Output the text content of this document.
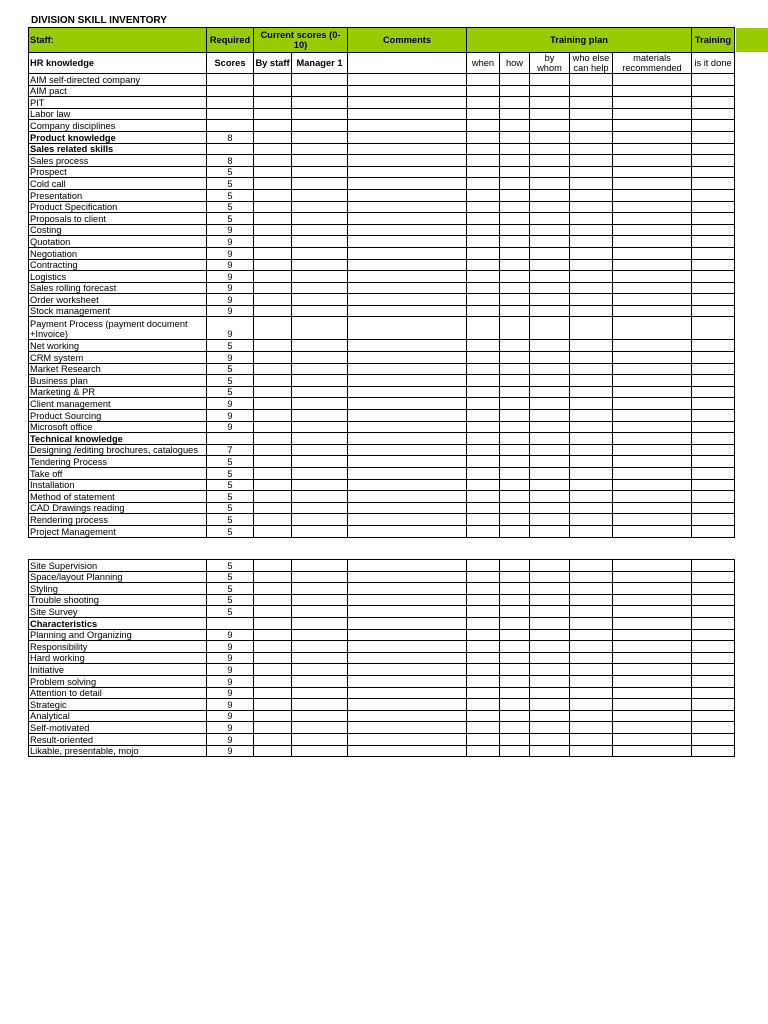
DIVISION SKILL INVENTORY
Staff:	Required	Current scores (0-10)		Comments	Training plan					Training
HR knowledge	Scores	By staff	Manager 1		when	how	by whom	who else can help	materials recommended	is it done
AIM self-directed company										
AIM pact										
PIT										
Labor law										
Company disciplines										
Product knowledge	8									
Sales related skills										
Sales process	8									
Prospect	5									
Cold call	5									
Presentation	5									
Product Specification	5									
Proposals to client	5									
Costing	9									
Quotation	9									
Negotiation	9									
Contracting	9									
Logistics	9									
Sales rolling forecast	9									
Order worksheet	9									
Stock management	9									
Payment Process (payment document +Invoice)	9									
Net working	5									
CRM system	9									
Market Research	5									
Business plan	5									
Marketing & PR	5									
Client management	9									
Product Sourcing	9									
Microsoft office	9									
Technical knowledge										
Designing /editing brochures, catalogues	7									
Tendering Process	5									
Take off	5									
Installation	5									
Method of statement	5									
CAD Drawings reading	5									
Rendering process	5									
Project Management	5									
Site Supervision	5									
Space/layout Planning	5									
Styling	5									
Trouble shooting	5									
Site Survey	5									
Characteristics										
Planning and Organizing	9									
Responsibility	9									
Hard working	9									
Initiative	9									
Problem solving	9									
Attention to detail	9									
Strategic	9									
Analytical	9									
Self-motivated	9									
Result-oriented	9									
Likable, presentable, mojo	9									
